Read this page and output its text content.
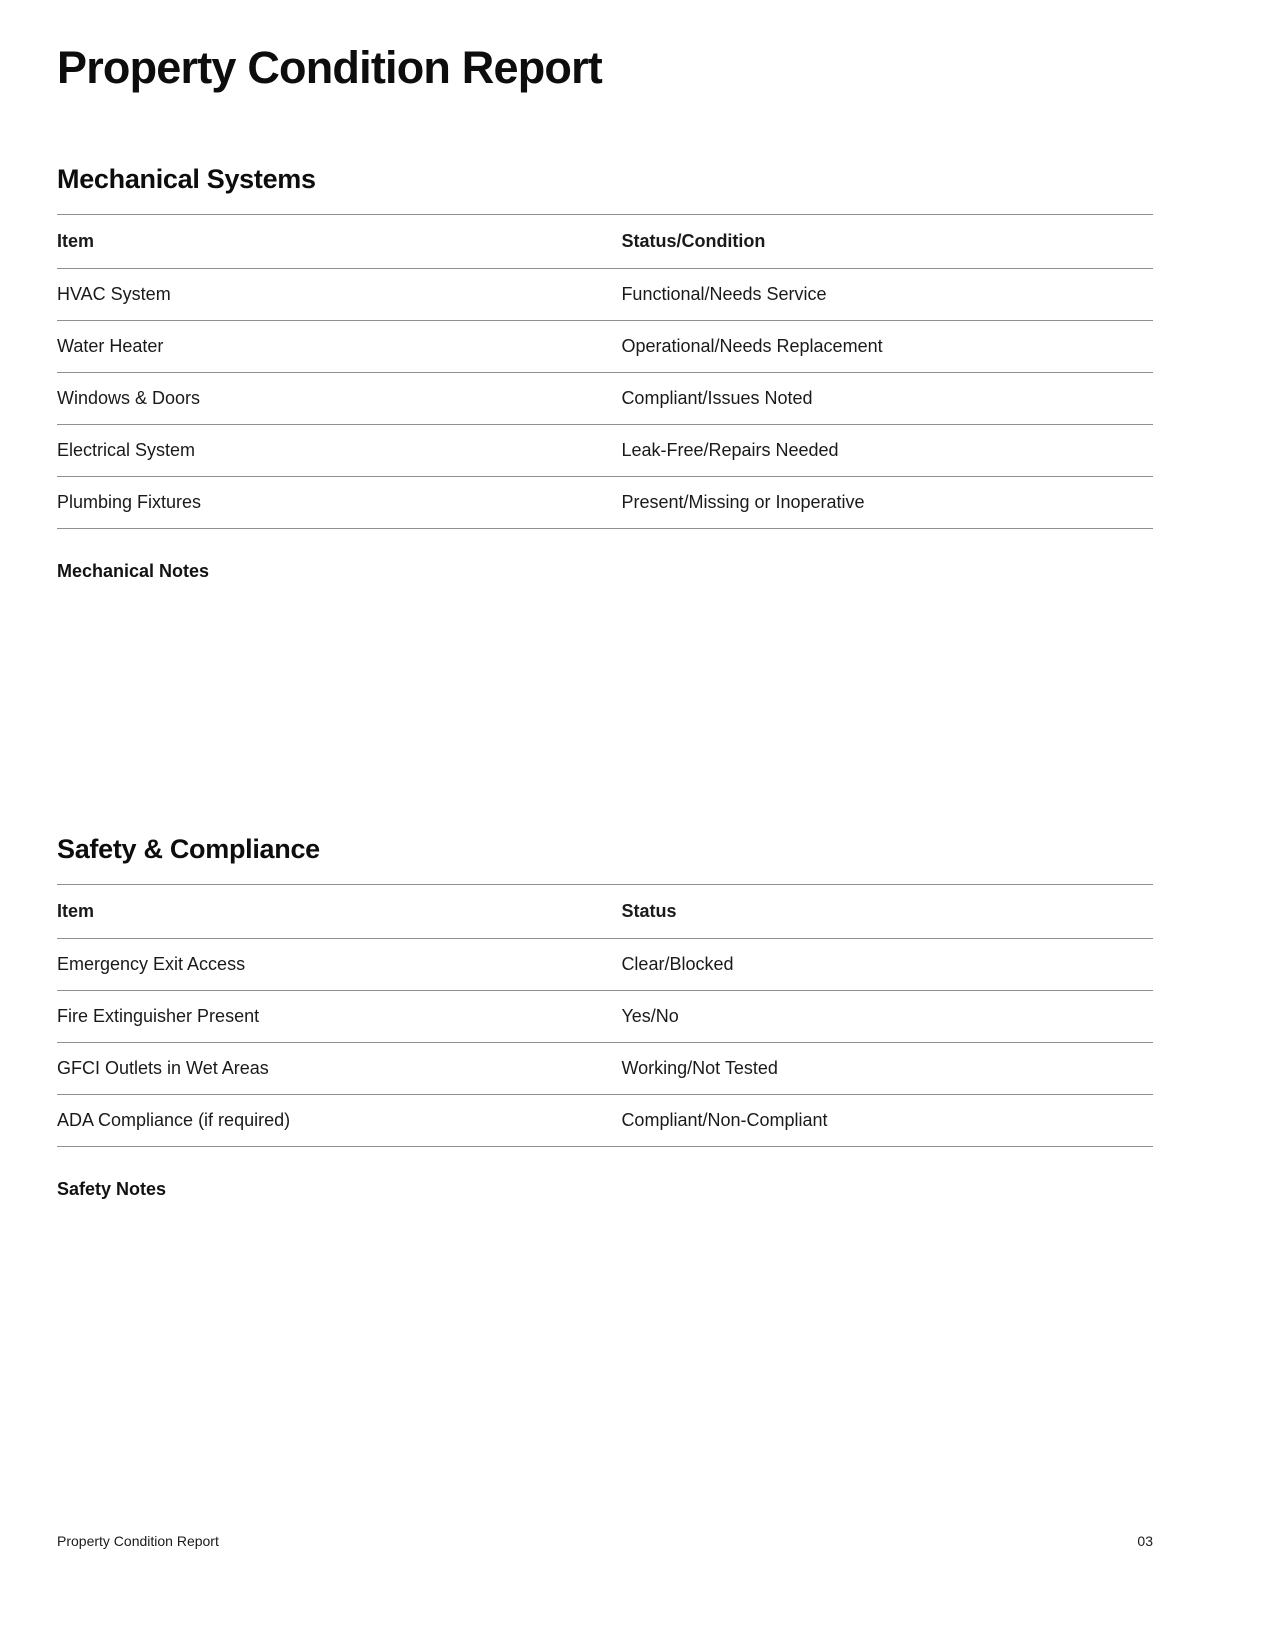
Property Condition Report
Mechanical Systems
Item	Status/Condition
HVAC System	Functional/Needs Service
Water Heater	Operational/Needs Replacement
Windows & Doors	Compliant/Issues Noted
Electrical System	Leak-Free/Repairs Needed
Plumbing Fixtures	Present/Missing or Inoperative
Mechanical Notes
Safety & Compliance
Item	Status
Emergency Exit Access	Clear/Blocked
Fire Extinguisher Present	Yes/No
GFCI Outlets in Wet Areas	Working/Not Tested
ADA Compliance (if required)	Compliant/Non-Compliant
Safety Notes
Property Condition Report	03
